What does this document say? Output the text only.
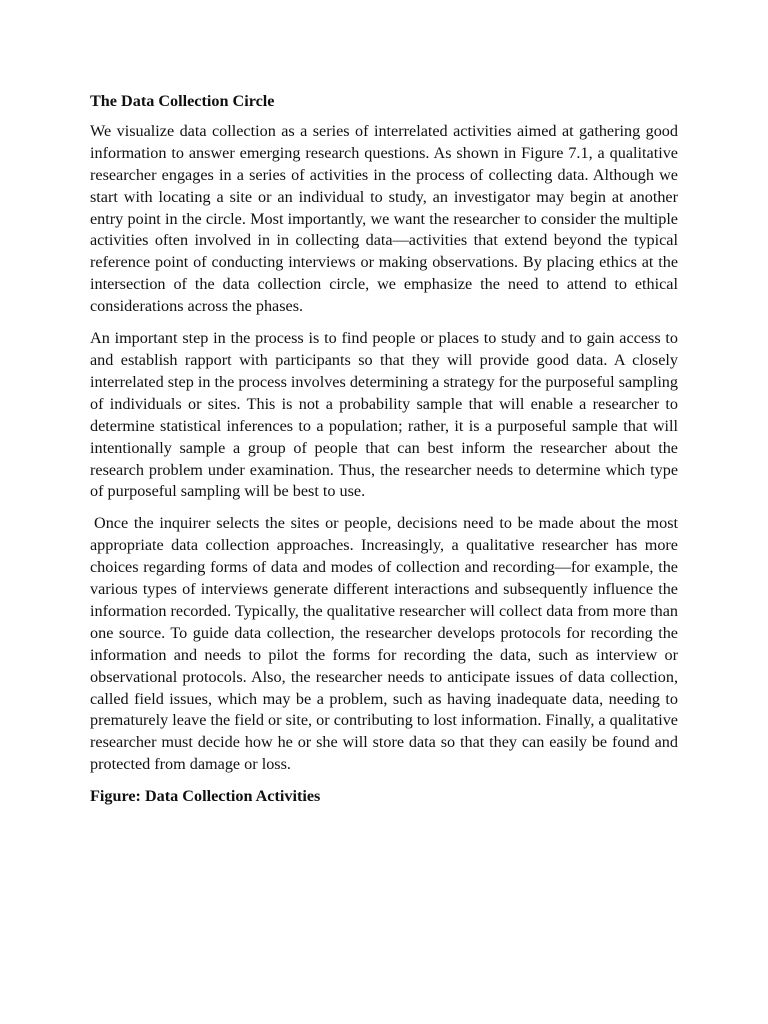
The Data Collection Circle

We visualize data collection as a series of interrelated activities aimed at gathering good information to answer emerging research questions. As shown in Figure 7.1, a qualitative researcher engages in a series of activities in the process of collecting data. Although we start with locating a site or an individual to study, an investigator may begin at another entry point in the circle. Most importantly, we want the researcher to consider the multiple activities often involved in in collecting data—activities that extend beyond the typical reference point of conducting interviews or making observations. By placing ethics at the intersection of the data collection circle, we emphasize the need to attend to ethical considerations across the phases.

An important step in the process is to find people or places to study and to gain access to and establish rapport with participants so that they will provide good data. A closely interrelated step in the process involves determining a strategy for the purposeful sampling of individuals or sites. This is not a probability sample that will enable a researcher to determine statistical inferences to a population; rather, it is a purposeful sample that will intentionally sample a group of people that can best inform the researcher about the research problem under examination. Thus, the researcher needs to determine which type of purposeful sampling will be best to use.

Once the inquirer selects the sites or people, decisions need to be made about the most appropriate data collection approaches. Increasingly, a qualitative researcher has more choices regarding forms of data and modes of collection and recording—for example, the various types of interviews generate different interactions and subsequently influence the information recorded. Typically, the qualitative researcher will collect data from more than one source. To guide data collection, the researcher develops protocols for recording the information and needs to pilot the forms for recording the data, such as interview or observational protocols. Also, the researcher needs to anticipate issues of data collection, called field issues, which may be a problem, such as having inadequate data, needing to prematurely leave the field or site, or contributing to lost information. Finally, a qualitative researcher must decide how he or she will store data so that they can easily be found and protected from damage or loss.

Figure: Data Collection Activities
